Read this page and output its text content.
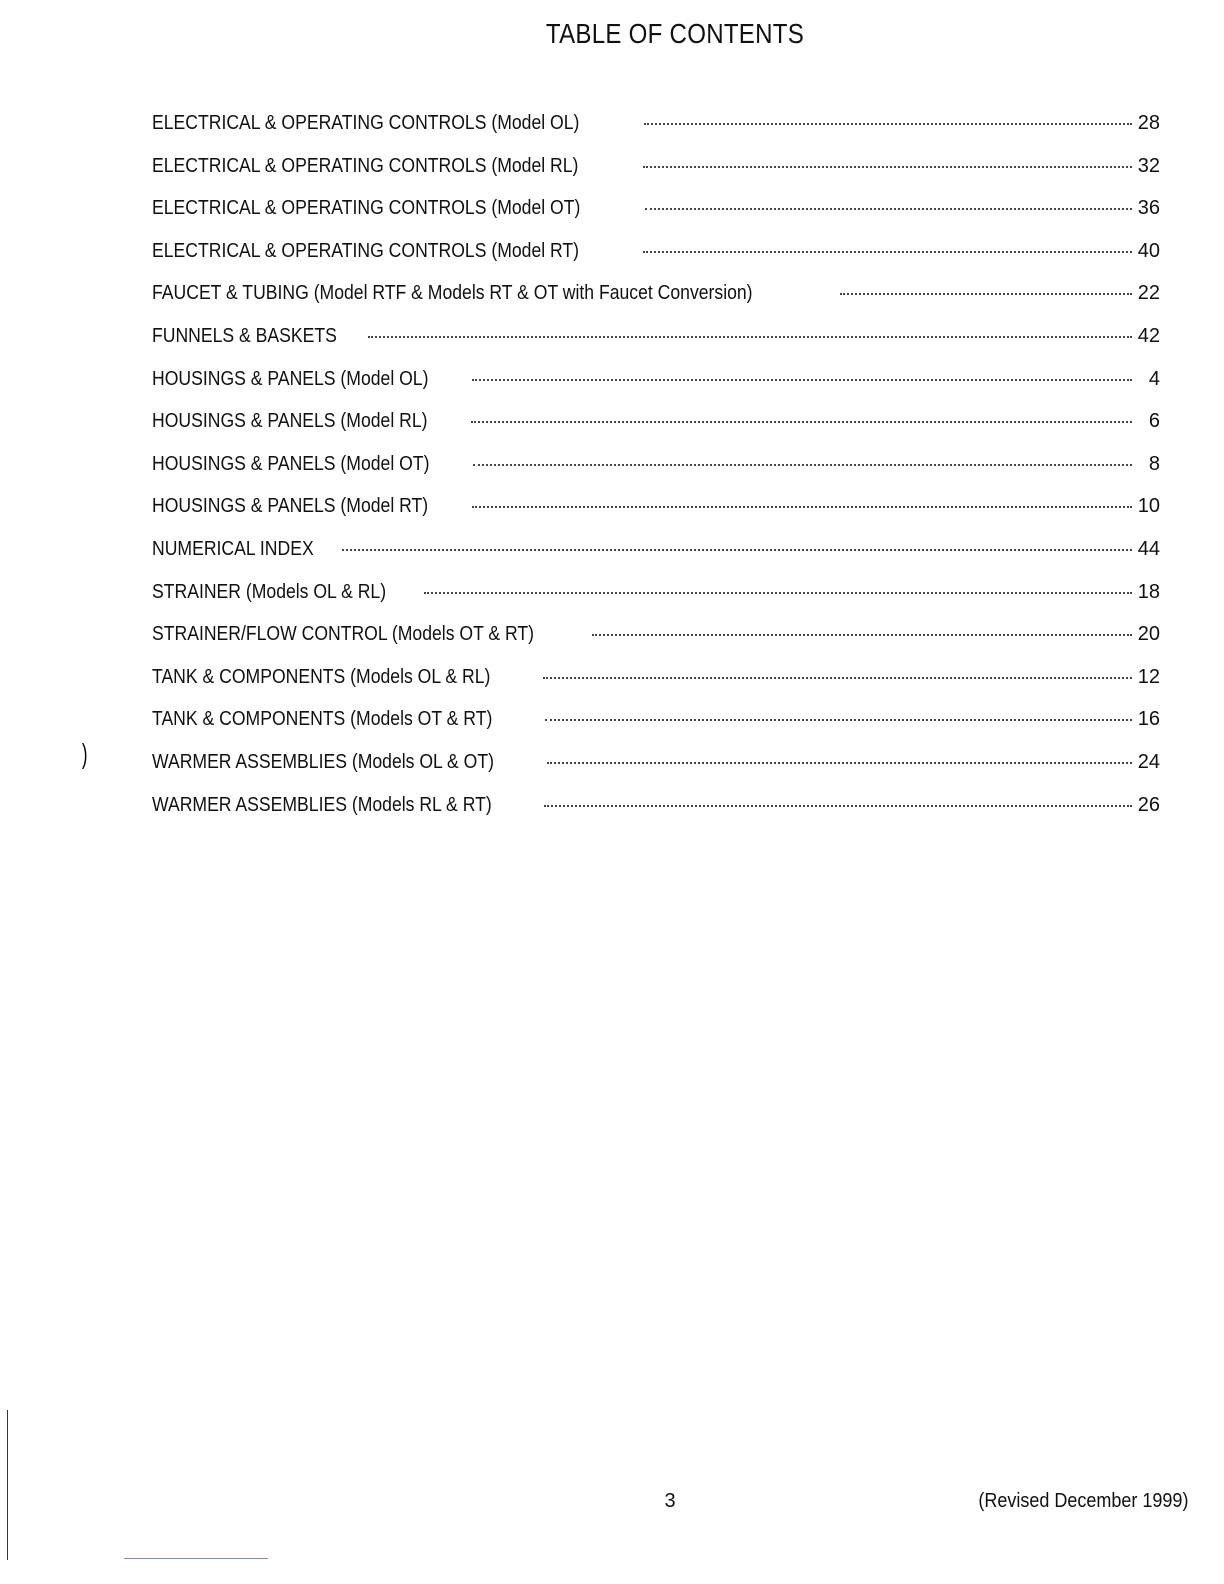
TABLE OF CONTENTS
ELECTRICAL & OPERATING CONTROLS (Model OL)	28
ELECTRICAL & OPERATING CONTROLS (Model RL)	32
ELECTRICAL & OPERATING CONTROLS (Model OT)	36
ELECTRICAL & OPERATING CONTROLS (Model RT)	40
FAUCET & TUBING (Model RTF & Models RT & OT with Faucet Conversion)	22
FUNNELS & BASKETS	42
HOUSINGS & PANELS (Model OL)	4
HOUSINGS & PANELS (Model RL)	6
HOUSINGS & PANELS (Model OT)	8
HOUSINGS & PANELS (Model RT)	10
NUMERICAL INDEX	44
STRAINER (Models OL & RL)	18
STRAINER/FLOW CONTROL (Models OT & RT)	20
TANK & COMPONENTS (Models OL & RL)	12
TANK & COMPONENTS (Models OT & RT)	16
WARMER ASSEMBLIES (Models OL & OT)	24
WARMER ASSEMBLIES (Models RL & RT)	26
)
3	(Revised December 1999)
